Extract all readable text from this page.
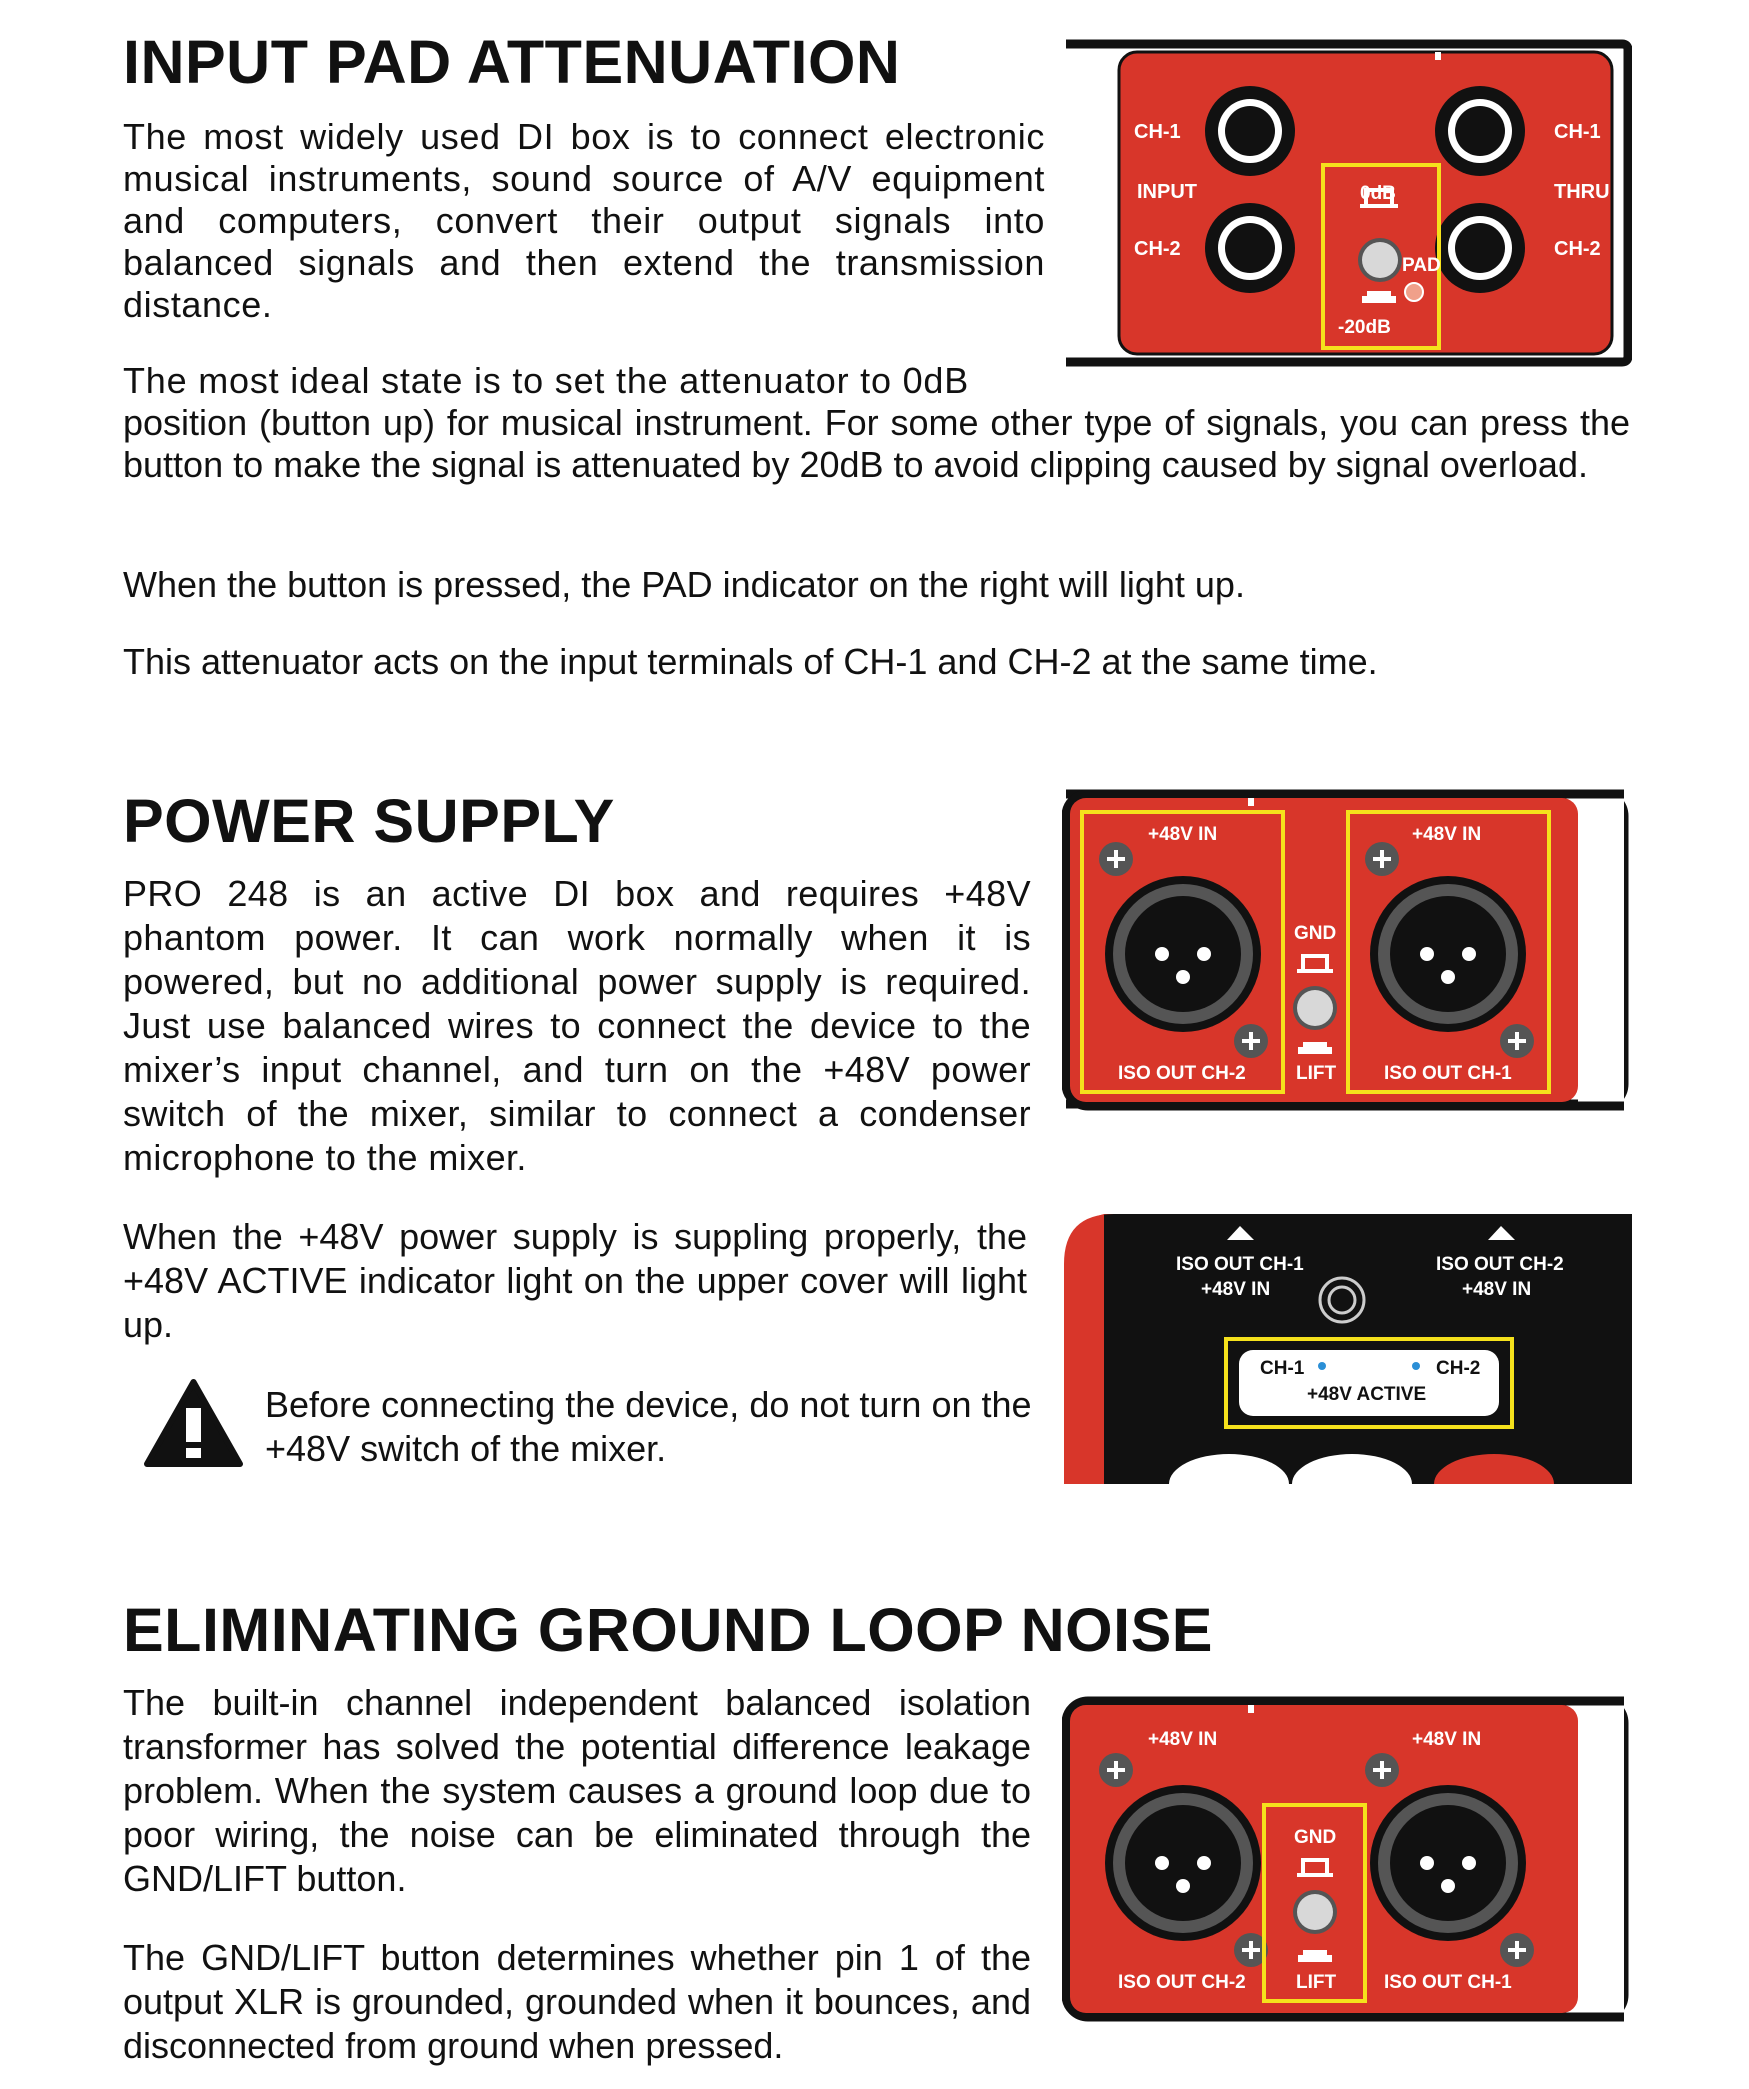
INPUT PAD ATTENUATION

The most widely used DI box is to connect electronic musical instruments, sound source of A/V equipment and computers, convert their output signals into balanced signals and then extend the transmission distance.

The most ideal state is to set the attenuator to 0dB

position (button up) for musical instrument. For some other type of signals, you can press the button to make the signal is attenuated by 20dB to avoid clipping caused by signal overload.

When the button is pressed, the PAD indicator on the right will light up.

This attenuator acts on the input terminals of CH-1 and CH-2 at the same time.

CH-1
INPUT
CH-2
CH-1
THRU
CH-2
0dB
PAD
-20dB
POWER SUPPLY

PRO 248 is an active DI box and requires +48V phantom power. It can work normally when it is powered, but no additional power supply is required. Just use balanced wires to connect the device to the mixer’s input channel, and turn on the +48V power switch of the mixer, similar to connect a condenser microphone to the mixer.

When the +48V power supply is suppling properly, the +48V ACTIVE indicator light on the upper cover will light up.

Before connecting the device, do not turn on the +48V switch of the mixer.

+48V IN	+48V IN
GND
LIFT
ISO OUT CH-2	ISO OUT CH-1
CH-1	CH-2
+48V ACTIVE
ISO OUT CH-1
+48V IN
ISO OUT CH-2
+48V IN
ELIMINATING GROUND LOOP NOISE

The built-in channel independent balanced isolation transformer has solved the potential difference leakage problem. When the system causes a ground loop due to poor wiring, the noise can be eliminated through the GND/LIFT button.

The GND/LIFT button determines whether pin 1 of the output XLR is grounded, grounded when it bounces, and disconnected from ground when pressed.

+48V IN	+48V IN
GND
LIFT
ISO OUT CH-2	ISO OUT CH-1
